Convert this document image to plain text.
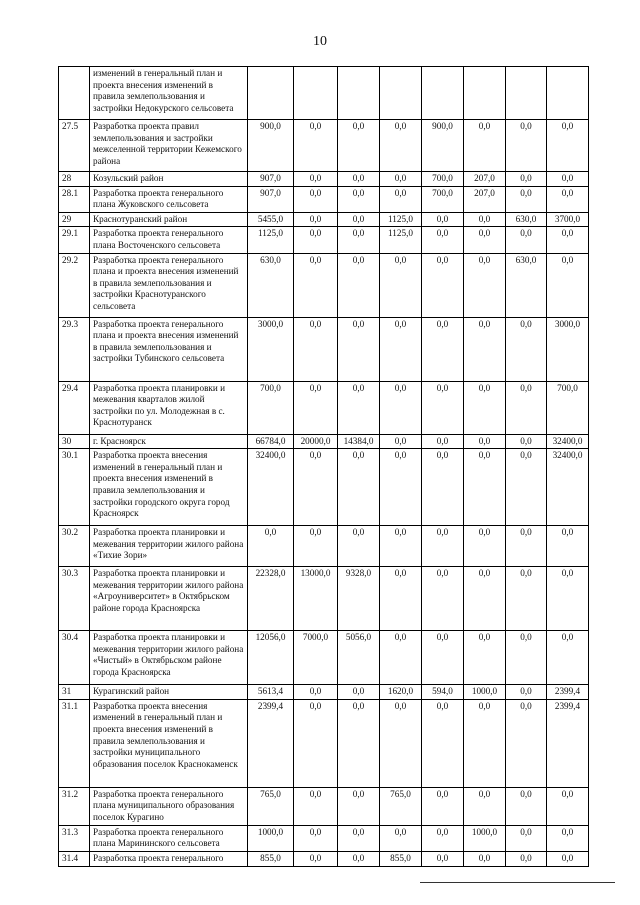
10
	изменений в генеральный план и проекта внесения изменений в правила землепользования и застройки Недокурского сельсовета								
27.5	Разработка проекта правил землепользования и застройки межселенной территории Кежемского района	900,0	0,0	0,0	0,0	900,0	0,0	0,0	0,0
28	Козульский район	907,0	0,0	0,0	0,0	700,0	207,0	0,0	0,0
28.1	Разработка проекта генерального плана Жуковского сельсовета	907,0	0,0	0,0	0,0	700,0	207,0	0,0	0,0
29	Краснотуранский район	5455,0	0,0	0,0	1125,0	0,0	0,0	630,0	3700,0
29.1	Разработка проекта генерального плана Восточенского сельсовета	1125,0	0,0	0,0	1125,0	0,0	0,0	0,0	0,0
29.2	Разработка проекта генерального плана и проекта внесения изменений в правила землепользования и застройки Краснотуранского сельсовета	630,0	0,0	0,0	0,0	0,0	0,0	630,0	0,0
29.3	Разработка проекта генерального плана и проекта внесения изменений в правила землепользования и застройки Тубинского сельсовета	3000,0	0,0	0,0	0,0	0,0	0,0	0,0	3000,0
29.4	Разработка проекта планировки и межевания кварталов жилой застройки по ул. Молодежная в с. Краснотуранск	700,0	0,0	0,0	0,0	0,0	0,0	0,0	700,0
30	г. Красноярск	66784,0	20000,0	14384,0	0,0	0,0	0,0	0,0	32400,0
30.1	Разработка проекта внесения изменений в генеральный план и проекта внесения изменений в правила землепользования и застройки городского округа город Красноярск	32400,0	0,0	0,0	0,0	0,0	0,0	0,0	32400,0
30.2	Разработка проекта планировки и межевания территории жилого района «Тихие Зори»	0,0	0,0	0,0	0,0	0,0	0,0	0,0	0,0
30.3	Разработка проекта планировки и межевания территории жилого района «Агроуниверситет» в Октябрьском районе города Красноярска	22328,0	13000,0	9328,0	0,0	0,0	0,0	0,0	0,0
30.4	Разработка проекта планировки и межевания территории жилого района «Чистый» в Октябрьском районе города Красноярска	12056,0	7000,0	5056,0	0,0	0,0	0,0	0,0	0,0
31	Курагинский район	5613,4	0,0	0,0	1620,0	594,0	1000,0	0,0	2399,4
31.1	Разработка проекта внесения изменений в генеральный план и проекта внесения изменений в правила землепользования и застройки муниципального образования поселок Краснокаменск	2399,4	0,0	0,0	0,0	0,0	0,0	0,0	2399,4
31.2	Разработка проекта генерального плана муниципального образования поселок Курагино	765,0	0,0	0,0	765,0	0,0	0,0	0,0	0,0
31.3	Разработка проекта генерального плана Марининского сельсовета	1000,0	0,0	0,0	0,0	0,0	1000,0	0,0	0,0
31.4	Разработка проекта генерального	855,0	0,0	0,0	855,0	0,0	0,0	0,0	0,0
